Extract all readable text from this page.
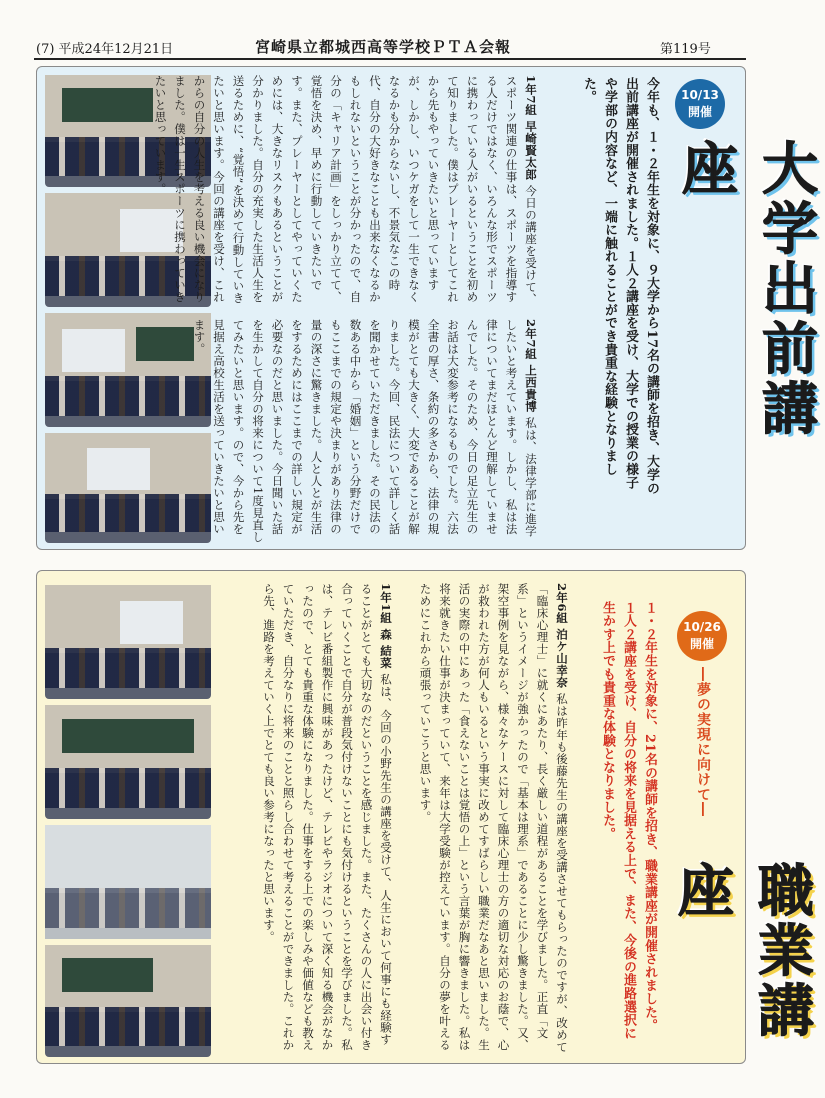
(7) 平成24年12月21日	宮崎県立都城西高等学校ＰＴＡ会報	第119号
10/13
開催
大学出前講座
今年も、１・２年生を対象に、９大学から17名の講師を招き、大学の出前講座が開催されました。１人２講座を受け、大学での授業の様子や学部の内容など、一端に触れることができ貴重な経験となりました。
1年7組 早崎賢太郎 今日の講座を受けて、スポーツ関連の仕事は、スポーツを指導する人だけではなく、いろんな形でスポーツに携わっている人がいるということを初めて知りました。僕はプレーヤーとしてこれから先もやっていきたいと思っていますが、しかし、いつケガをして一生できなくなるかも分からないし、不景気なこの時代、自分の大好きなことも出来なくなるかもしれないということが分かったので、自分の「キャリア計画」をしっかり立てて、覚悟を決め、早めに行動していきたいです。また、プレーヤーとしてやっていくためには、大きなリスクもあるということが分かりました。自分の充実した生活人生を送るために、“覚悟”を決めて行動していきたいと思います。今回の講座を受け、これからの自分の人生を考える良い機会になりました。僕は一生スポーツに携わっていきたいと思っています。
2年7組 上西貴博 私は、法律学部に進学したいと考えています。しかし、私は法律についてまだほとんど理解していませんでした。そのため、今日の足立先生のお話は大変参考になるものでした。六法全書の厚さ、条約の多さから、法律の規模がとても大きく、大変であることが解りました。今回、民法について詳しく話を聞かせていただきました。その民法の数ある中から「婚姻」という分野だけでもここまでの規定や決まりがあり法律の量の深さに驚きました。人と人とが生活をするためにはここまでの詳しい規定が必要なのだと思いました。今日聞いた話を生かして自分の将来について1度見直してみたいと思います。ので、今から先を見据え高校生活を送っていきたいと思います。
10/26
開催
―夢の実現に向けて―
職業講座
１・２年生を対象に、21名の講師を招き、職業講座が開催されました。１人２講座を受け、自分の将来を見据える上で、また、今後の進路選択に生かす上でも貴重な体験となりました。
1年1組 森 結菜 私は、今回の小野先生の講座を受けて、人生において何事にも経験することがとても大切なのだということを感じました。また、たくさんの人に出会い付き合っていくことで自分が普段気付けないことにも気付けるということを学びました。私は、テレビ番組製作に興味があったけど、テレビやラジオについて深く知る機会がなかったので、とても貴重な体験になりました。仕事をする上での楽しみや価値なども教えていただき、自分なりに将来のことと照らし合わせて考えることができました。これから先、進路を考えていく上でとても良い参考になったと思います。	2年6組 泊ケ山幸奈 私は昨年も後藤先生の講座を受講させてもらったのですが、改めて「臨床心理士」に就くにあたり、長く厳しい道程があることを学びました。正直「文系」というイメージが強かったので「基本は理系」であることに少し驚きました。又、架空事例を見ながら、様々なケースに対して臨床心理士の方の適切な対応のお蔭で、心が救われた方が何人もいるという事実に改めてすばらしい職業だなあと思いました。生活の実際の中にあった「食えないことは覚悟の上」という言葉が胸に響きました。私は将来就きたい仕事が決まっていて、来年は大学受験が控えています。自分の夢を叶えるためにこれから頑張っていこうと思います。
